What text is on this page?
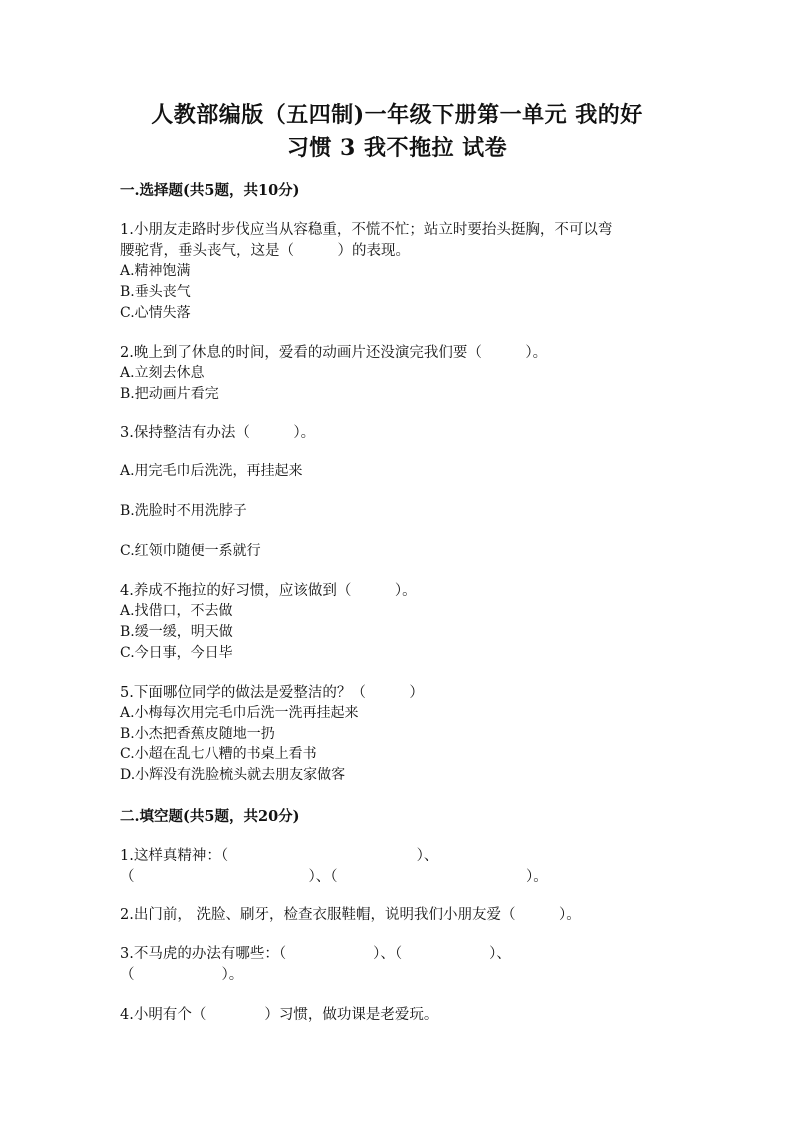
人教部编版（五四制)一年级下册第一单元 我的好
习惯 3 我不拖拉 试卷
一.选择题(共5题，共10分)
1.小朋友走路时步伐应当从容稳重，不慌不忙；站立时要抬头挺胸，不可以弯
腰驼背，垂头丧气，这是（　　　）的表现。
A.精神饱满
B.垂头丧气
C.心情失落
2.晚上到了休息的时间，爱看的动画片还没演完我们要（　　　）。
A.立刻去休息
B.把动画片看完
3.保持整洁有办法（　　　）。
A.用完毛巾后洗洗，再挂起来
B.洗脸时不用洗脖子
C.红领巾随便一系就行
4.养成不拖拉的好习惯，应该做到（　　　）。
A.找借口，不去做
B.缓一缓，明天做
C.今日事，今日毕
5.下面哪位同学的做法是爱整洁的？（　　　）
A.小梅每次用完毛巾后洗一洗再挂起来
B.小杰把香蕉皮随地一扔
C.小超在乱七八糟的书桌上看书
D.小辉没有洗脸梳头就去朋友家做客
二.填空题(共5题，共20分)
1.这样真精神：（　　　　　　　　　　　　　）、
（　　　　　　　　　　　　）、（　　　　　　　　　　　　　）。
2.出门前， 洗脸、刷牙，检查衣服鞋帽，说明我们小朋友爱（　　　）。
3.不马虎的办法有哪些：（　　　　　　）、（　　　　　　）、
（　　　　　　）。
4.小明有个（　　　　）习惯，做功课是老爱玩。
